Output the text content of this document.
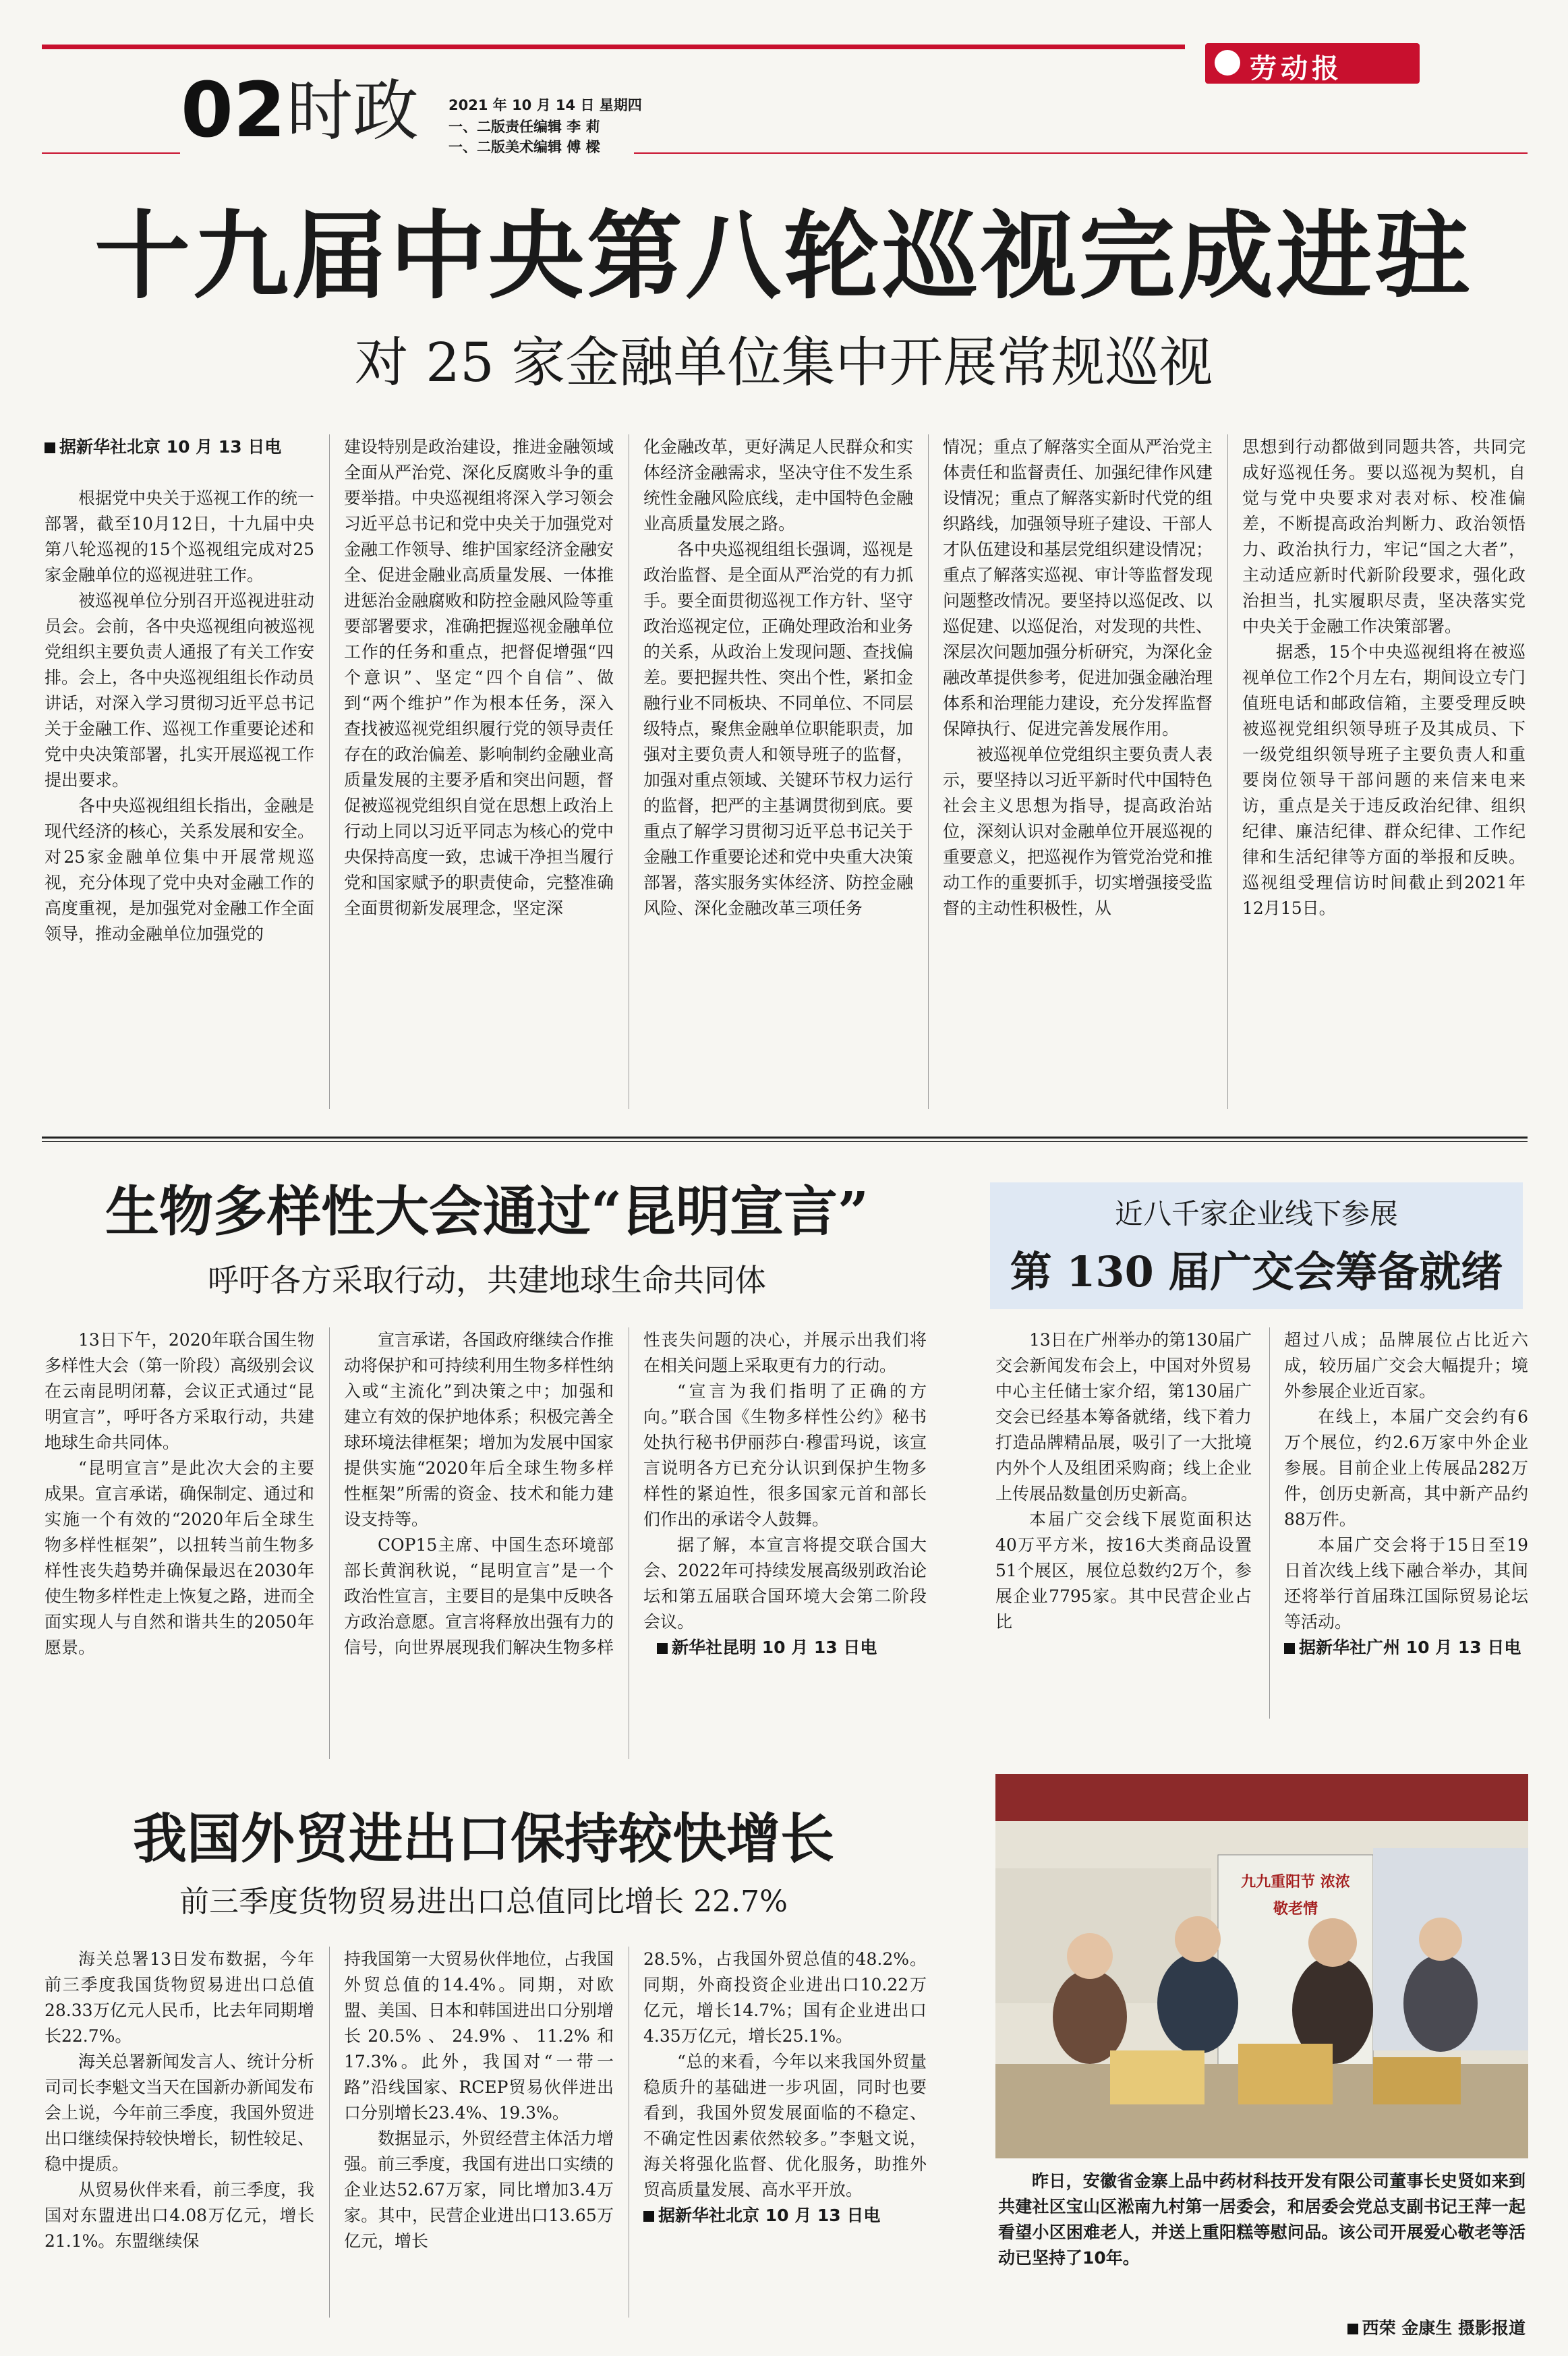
劳动报
02 时政 2021 年 10 月 14 日 星期四
一、二版责任编辑 李 莉
一、二版美术编辑 傅 樑
十九届中央第八轮巡视完成进驻
对 25 家金融单位集中开展常规巡视

据新华社北京 10 月 13 日电

根据党中央关于巡视工作的统一部署，截至10月12日，十九届中央第八轮巡视的15个巡视组完成对25家金融单位的巡视进驻工作。

被巡视单位分别召开巡视进驻动员会。会前，各中央巡视组向被巡视党组织主要负责人通报了有关工作安排。会上，各中央巡视组组长作动员讲话，对深入学习贯彻习近平总书记关于金融工作、巡视工作重要论述和党中央决策部署，扎实开展巡视工作提出要求。

各中央巡视组组长指出，金融是现代经济的核心，关系发展和安全。对25家金融单位集中开展常规巡视，充分体现了党中央对金融工作的高度重视，是加强党对金融工作全面领导，推动金融单位加强党的

建设特别是政治建设，推进金融领域全面从严治党、深化反腐败斗争的重要举措。中央巡视组将深入学习领会习近平总书记和党中央关于加强党对金融工作领导、维护国家经济金融安全、促进金融业高质量发展、一体推进惩治金融腐败和防控金融风险等重要部署要求，准确把握巡视金融单位工作的任务和重点，把督促增强“四个意识”、坚定“四个自信”、做到“两个维护”作为根本任务，深入查找被巡视党组织履行党的领导责任存在的政治偏差、影响制约金融业高质量发展的主要矛盾和突出问题，督促被巡视党组织自觉在思想上政治上行动上同以习近平同志为核心的党中央保持高度一致，忠诚干净担当履行党和国家赋予的职责使命，完整准确全面贯彻新发展理念，坚定深

化金融改革，更好满足人民群众和实体经济金融需求，坚决守住不发生系统性金融风险底线，走中国特色金融业高质量发展之路。

各中央巡视组组长强调，巡视是政治监督、是全面从严治党的有力抓手。要全面贯彻巡视工作方针、坚守政治巡视定位，正确处理政治和业务的关系，从政治上发现问题、查找偏差。要把握共性、突出个性，紧扣金融行业不同板块、不同单位、不同层级特点，聚焦金融单位职能职责，加强对主要负责人和领导班子的监督，加强对重点领域、关键环节权力运行的监督，把严的主基调贯彻到底。要重点了解学习贯彻习近平总书记关于金融工作重要论述和党中央重大决策部署，落实服务实体经济、防控金融风险、深化金融改革三项任务

情况；重点了解落实全面从严治党主体责任和监督责任、加强纪律作风建设情况；重点了解落实新时代党的组织路线，加强领导班子建设、干部人才队伍建设和基层党组织建设情况；重点了解落实巡视、审计等监督发现问题整改情况。要坚持以巡促改、以巡促建、以巡促治，对发现的共性、深层次问题加强分析研究，为深化金融改革提供参考，促进加强金融治理体系和治理能力建设，充分发挥监督保障执行、促进完善发展作用。

被巡视单位党组织主要负责人表示，要坚持以习近平新时代中国特色社会主义思想为指导，提高政治站位，深刻认识对金融单位开展巡视的重要意义，把巡视作为管党治党和推动工作的重要抓手，切实增强接受监督的主动性积极性，从

思想到行动都做到同题共答，共同完成好巡视任务。要以巡视为契机，自觉与党中央要求对表对标、校准偏差，不断提高政治判断力、政治领悟力、政治执行力，牢记“国之大者”，主动适应新时代新阶段要求，强化政治担当，扎实履职尽责，坚决落实党中央关于金融工作决策部署。

据悉，15个中央巡视组将在被巡视单位工作2个月左右，期间设立专门值班电话和邮政信箱，主要受理反映被巡视党组织领导班子及其成员、下一级党组织领导班子主要负责人和重要岗位领导干部问题的来信来电来访，重点是关于违反政治纪律、组织纪律、廉洁纪律、群众纪律、工作纪律和生活纪律等方面的举报和反映。巡视组受理信访时间截止到2021年12月15日。

生物多样性大会通过“昆明宣言”
呼吁各方采取行动，共建地球生命共同体

13日下午，2020年联合国生物多样性大会（第一阶段）高级别会议在云南昆明闭幕，会议正式通过“昆明宣言”，呼吁各方采取行动，共建地球生命共同体。

“昆明宣言”是此次大会的主要成果。宣言承诺，确保制定、通过和实施一个有效的“2020年后全球生物多样性框架”，以扭转当前生物多样性丧失趋势并确保最迟在2030年使生物多样性走上恢复之路，进而全面实现人与自然和谐共生的2050年愿景。

宣言承诺，各国政府继续合作推动将保护和可持续利用生物多样性纳入或“主流化”到决策之中；加强和建立有效的保护地体系；积极完善全球环境法律框架；增加为发展中国家提供实施“2020年后全球生物多样性框架”所需的资金、技术和能力建设支持等。

COP15主席、中国生态环境部部长黄润秋说，“昆明宣言”是一个政治性宣言，主要目的是集中反映各方政治意愿。宣言将释放出强有力的信号，向世界展现我们解决生物多样

性丧失问题的决心，并展示出我们将在相关问题上采取更有力的行动。

“宣言为我们指明了正确的方向。”联合国《生物多样性公约》秘书处执行秘书伊丽莎白·穆雷玛说，该宣言说明各方已充分认识到保护生物多样性的紧迫性，很多国家元首和部长们作出的承诺令人鼓舞。

据了解，本宣言将提交联合国大会、2022年可持续发展高级别政治论坛和第五届联合国环境大会第二阶段会议。

新华社昆明 10 月 13 日电

近八千家企业线下参展
第 130 届广交会筹备就绪

13日在广州举办的第130届广交会新闻发布会上，中国对外贸易中心主任储士家介绍，第130届广交会已经基本筹备就绪，线下着力打造品牌精品展，吸引了一大批境内外个人及组团采购商；线上企业上传展品数量创历史新高。

本届广交会线下展览面积达40万平方米，按16大类商品设置51个展区，展位总数约2万个，参展企业7795家。其中民营企业占比

超过八成；品牌展位占比近六成，较历届广交会大幅提升；境外参展企业近百家。

在线上，本届广交会约有6万个展位，约2.6万家中外企业参展。目前企业上传展品282万件，创历史新高，其中新产品约88万件。

本届广交会将于15日至19日首次线上线下融合举办，其间还将举行首届珠江国际贸易论坛等活动。

据新华社广州 10 月 13 日电

我国外贸进出口保持较快增长
前三季度货物贸易进出口总值同比增长 22.7%

海关总署13日发布数据，今年前三季度我国货物贸易进出口总值28.33万亿元人民币，比去年同期增长22.7%。

海关总署新闻发言人、统计分析司司长李魁文当天在国新办新闻发布会上说，今年前三季度，我国外贸进出口继续保持较快增长，韧性较足、稳中提质。

从贸易伙伴来看，前三季度，我国对东盟进出口4.08万亿元，增长21.1%。东盟继续保

持我国第一大贸易伙伴地位，占我国外贸总值的14.4%。同期，对欧盟、美国、日本和韩国进出口分别增长20.5%、24.9%、11.2%和17.3%。此外，我国对“一带一路”沿线国家、RCEP贸易伙伴进出口分别增长23.4%、19.3%。

数据显示，外贸经营主体活力增强。前三季度，我国有进出口实绩的企业达52.67万家，同比增加3.4万家。其中，民营企业进出口13.65万亿元，增长

28.5%，占我国外贸总值的48.2%。同期，外商投资企业进出口10.22万亿元，增长14.7%；国有企业进出口4.35万亿元，增长25.1%。

“总的来看，今年以来我国外贸量稳质升的基础进一步巩固，同时也要看到，我国外贸发展面临的不稳定、不确定性因素依然较多。”李魁文说，海关将强化监督、优化服务，助推外贸高质量发展、高水平开放。

据新华社北京 10 月 13 日电

九九重阳节 浓浓敬老情
昨日，安徽省金寨上品中药材科技开发有限公司董事长史贤如来到共建社区宝山区淞南九村第一居委会，和居委会党总支副书记王萍一起看望小区困难老人，并送上重阳糕等慰问品。该公司开展爱心敬老等活动已坚持了10年。
西荣 金康生 摄影报道
